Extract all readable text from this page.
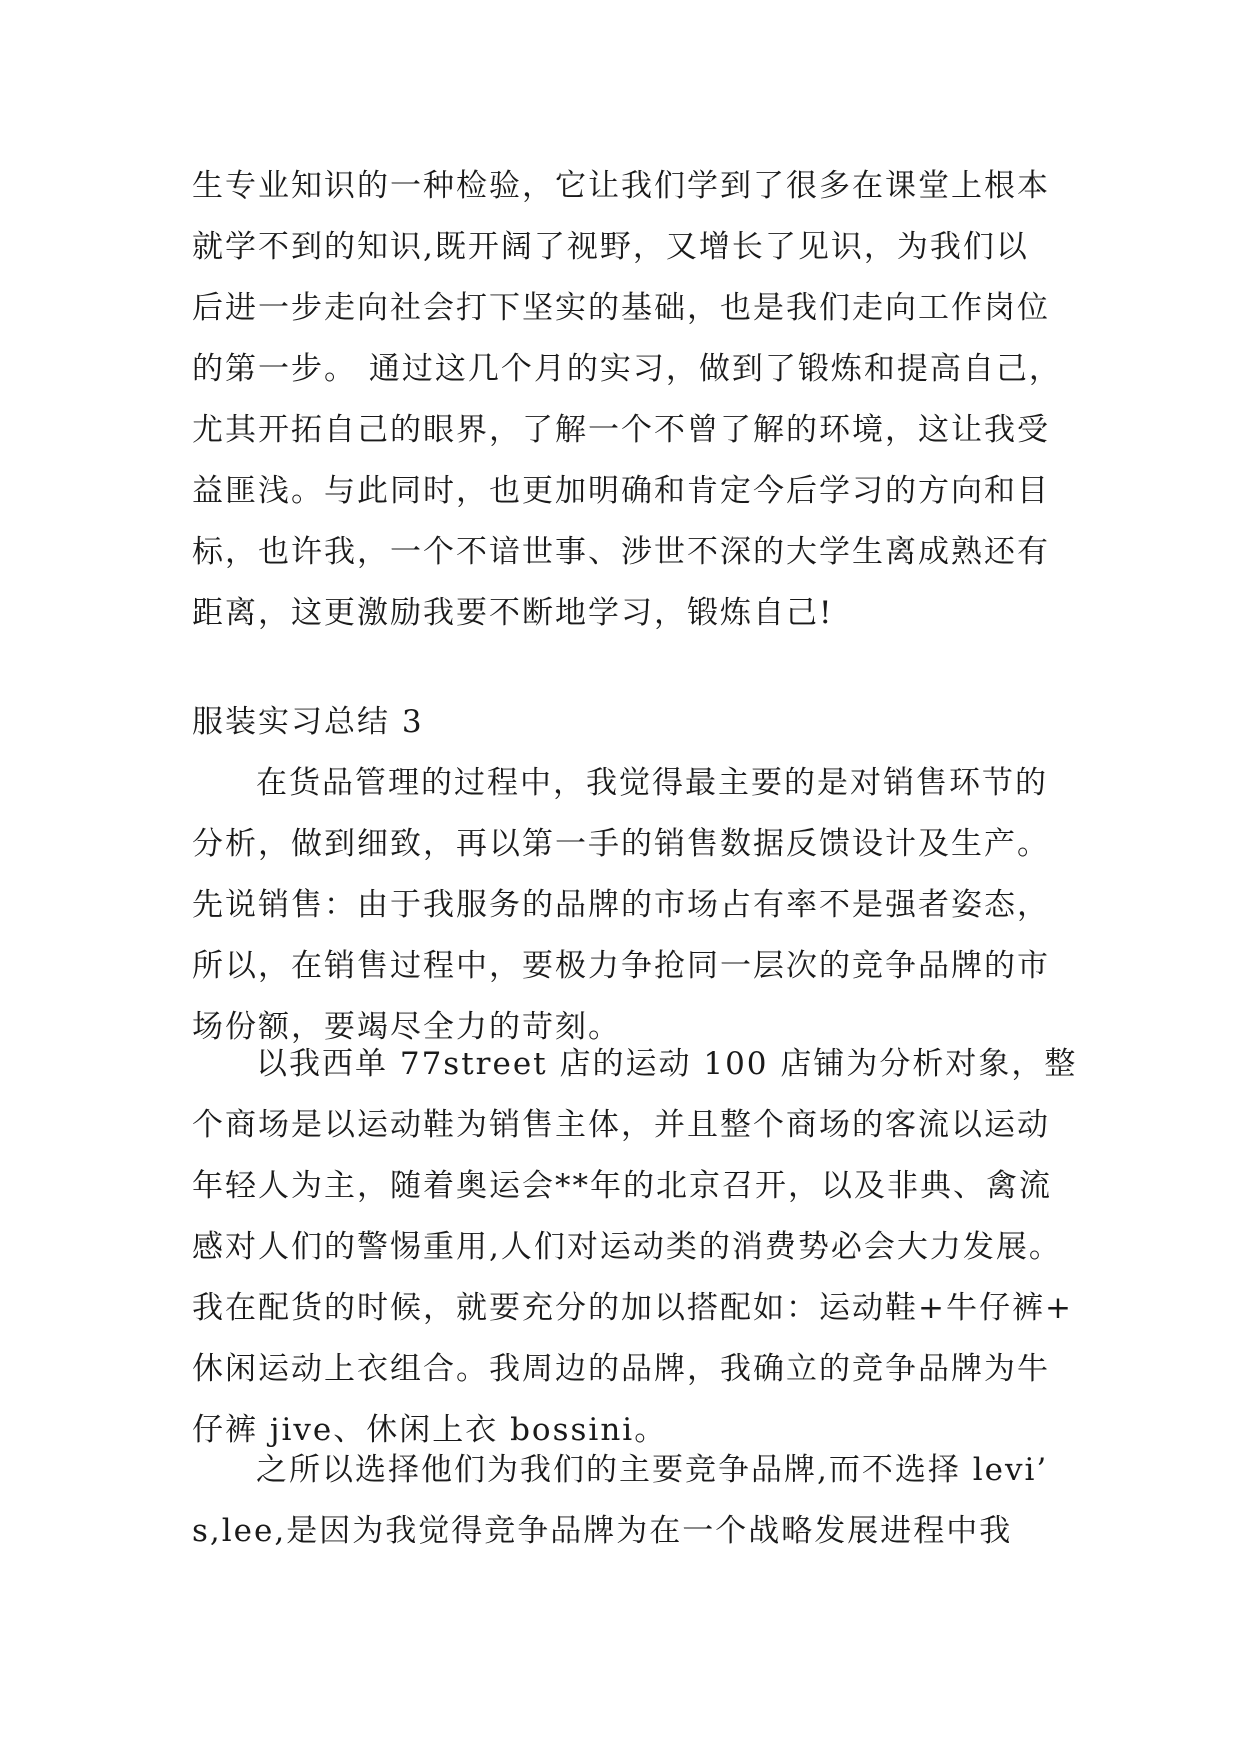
生专业知识的一种检验，它让我们学到了很多在课堂上根本
就学不到的知识,既开阔了视野，又增长了见识，为我们以
后进一步走向社会打下坚实的基础，也是我们走向工作岗位
的第一步。 通过这几个月的实习，做到了锻炼和提高自己，
尤其开拓自己的眼界，了解一个不曾了解的环境，这让我受
益匪浅。与此同时，也更加明确和肯定今后学习的方向和目
标，也许我，一个不谙世事、涉世不深的大学生离成熟还有
距离，这更激励我要不断地学习，锻炼自己!
服装实习总结 3
在货品管理的过程中，我觉得最主要的是对销售环节的
分析，做到细致，再以第一手的销售数据反馈设计及生产。
先说销售：由于我服务的品牌的市场占有率不是强者姿态，
所以，在销售过程中，要极力争抢同一层次的竞争品牌的市
场份额，要竭尽全力的苛刻。
以我西单 77street 店的运动 100 店铺为分析对象，整
个商场是以运动鞋为销售主体，并且整个商场的客流以运动
年轻人为主，随着奥运会**年的北京召开，以及非典、禽流
感对人们的警惕重用,人们对运动类的消费势必会大力发展。
我在配货的时候，就要充分的加以搭配如：运动鞋+牛仔裤+
休闲运动上衣组合。我周边的品牌，我确立的竞争品牌为牛
仔裤 jive、休闲上衣 bossini。
之所以选择他们为我们的主要竞争品牌,而不选择 levi’
s,lee,是因为我觉得竞争品牌为在一个战略发展进程中我
